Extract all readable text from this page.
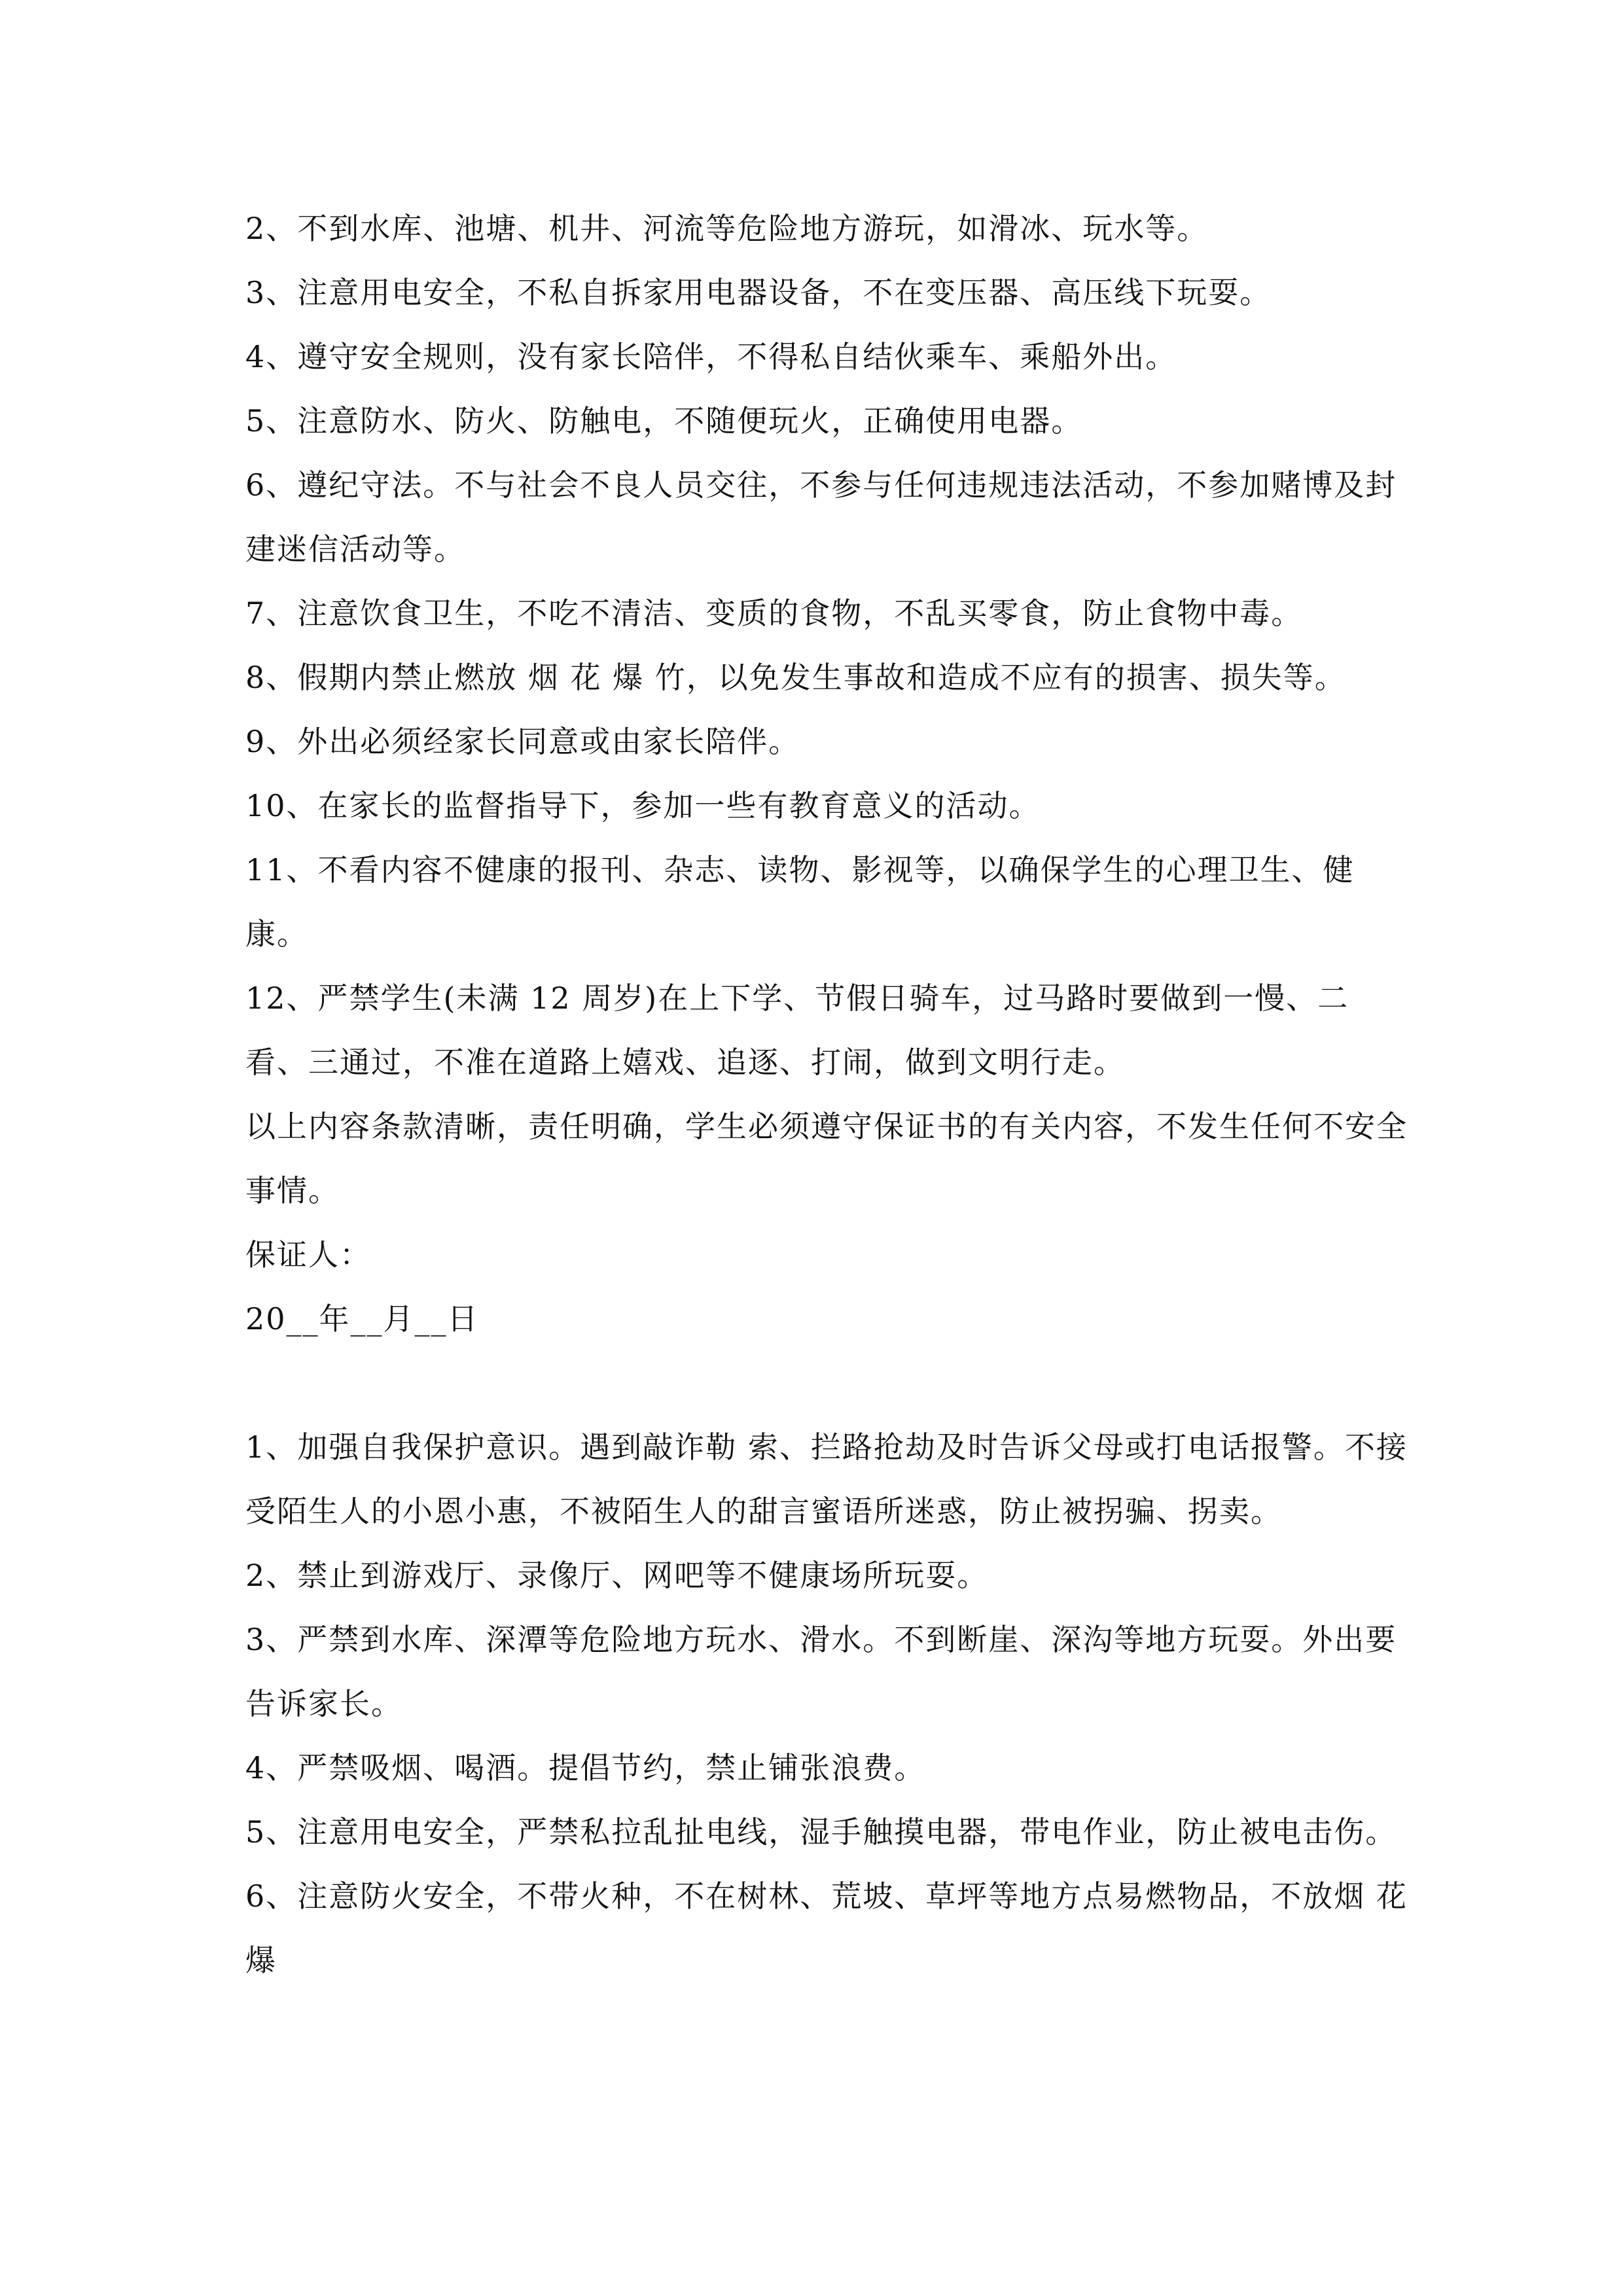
2、不到水库、池塘、机井、河流等危险地方游玩，如滑冰、玩水等。

3、注意用电安全，不私自拆家用电器设备，不在变压器、高压线下玩耍。

4、遵守安全规则，没有家长陪伴，不得私自结伙乘车、乘船外出。

5、注意防水、防火、防触电，不随便玩火，正确使用电器。

6、遵纪守法。不与社会不良人员交往，不参与任何违规违法活动，不参加赌博及封建迷信活动等。

7、注意饮食卫生，不吃不清洁、变质的食物，不乱买零食，防止食物中毒。

8、假期内禁止燃放 烟 花 爆 竹，以免发生事故和造成不应有的损害、损失等。

9、外出必须经家长同意或由家长陪伴。

10、在家长的监督指导下，参加一些有教育意义的活动。

11、不看内容不健康的报刊、杂志、读物、影视等，以确保学生的心理卫生、健康。

12、严禁学生(未满 12 周岁)在上下学、节假日骑车，过马路时要做到一慢、二看、三通过，不准在道路上嬉戏、追逐、打闹，做到文明行走。

以上内容条款清晰，责任明确，学生必须遵守保证书的有关内容，不发生任何不安全事情。

保证人：

20__年__月__日

1、加强自我保护意识。遇到敲诈勒 索、拦路抢劫及时告诉父母或打电话报警。不接受陌生人的小恩小惠，不被陌生人的甜言蜜语所迷惑，防止被拐骗、拐卖。

2、禁止到游戏厅、录像厅、网吧等不健康场所玩耍。

3、严禁到水库、深潭等危险地方玩水、滑水。不到断崖、深沟等地方玩耍。外出要告诉家长。

4、严禁吸烟、喝酒。提倡节约，禁止铺张浪费。

5、注意用电安全，严禁私拉乱扯电线，湿手触摸电器，带电作业，防止被电击伤。

6、注意防火安全，不带火种，不在树林、荒坡、草坪等地方点易燃物品，不放烟 花 爆
